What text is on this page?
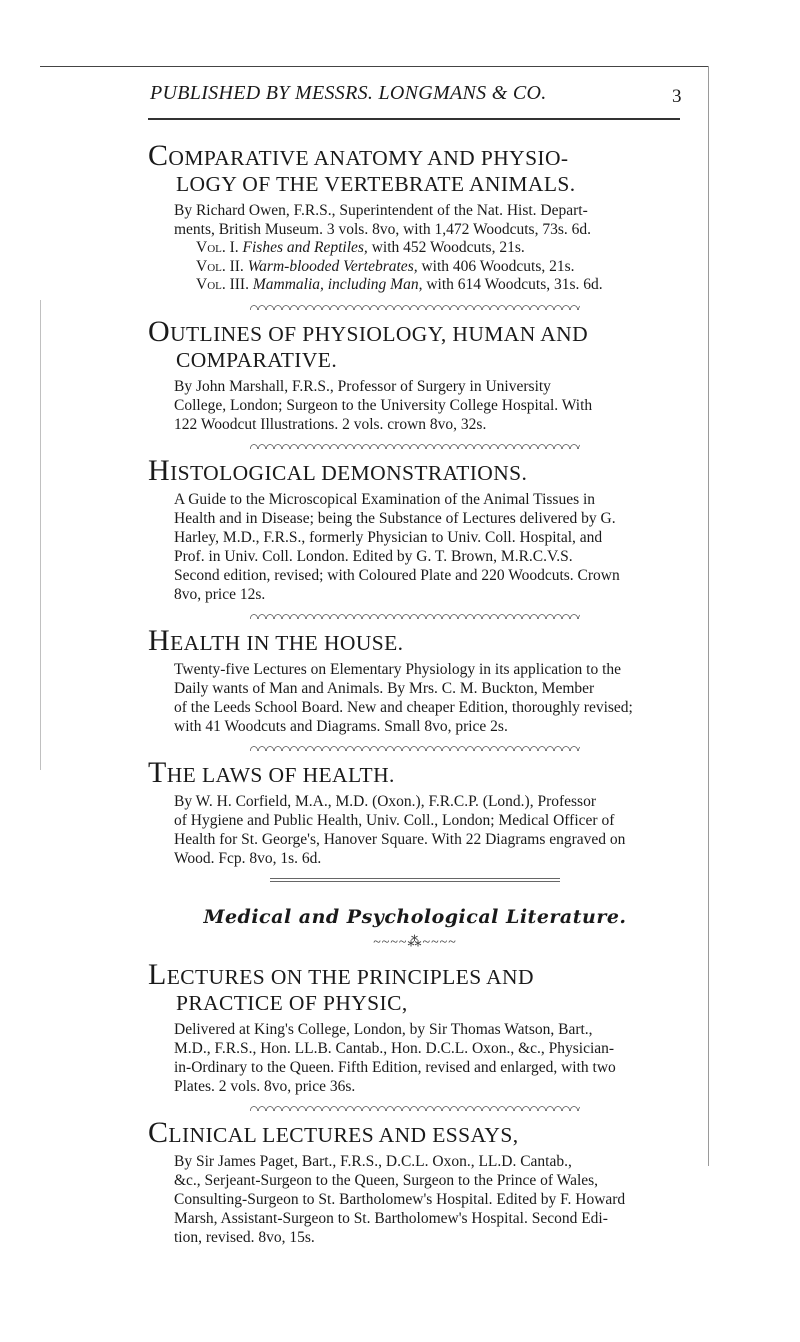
PUBLISHED BY MESSRS. LONGMANS & CO.	3

COMPARATIVE ANATOMY AND PHYSIO-
LOGY OF THE VERTEBRATE ANIMALS.

By Richard Owen, F.R.S., Superintendent of the Nat. Hist. Depart-
ments, British Museum. 3 vols. 8vo, with 1,472 Woodcuts, 73s. 6d.

Vol. I. Fishes and Reptiles, with 452 Woodcuts, 21s.
Vol. II. Warm-blooded Vertebrates, with 406 Woodcuts, 21s.
Vol. III. Mammalia, including Man, with 614 Woodcuts, 31s. 6d.

OUTLINES OF PHYSIOLOGY, HUMAN AND
COMPARATIVE.

By John Marshall, F.R.S., Professor of Surgery in University
College, London; Surgeon to the University College Hospital. With
122 Woodcut Illustrations. 2 vols. crown 8vo, 32s.

HISTOLOGICAL DEMONSTRATIONS.

A Guide to the Microscopical Examination of the Animal Tissues in
Health and in Disease; being the Substance of Lectures delivered by G.
Harley, M.D., F.R.S., formerly Physician to Univ. Coll. Hospital, and
Prof. in Univ. Coll. London. Edited by G. T. Brown, M.R.C.V.S.
Second edition, revised; with Coloured Plate and 220 Woodcuts. Crown
8vo, price 12s.

HEALTH IN THE HOUSE.

Twenty-five Lectures on Elementary Physiology in its application to the
Daily wants of Man and Animals. By Mrs. C. M. Buckton, Member
of the Leeds School Board. New and cheaper Edition, thoroughly revised;
with 41 Woodcuts and Diagrams. Small 8vo, price 2s.

THE LAWS OF HEALTH.

By W. H. Corfield, M.A., M.D. (Oxon.), F.R.C.P. (Lond.), Professor
of Hygiene and Public Health, Univ. Coll., London; Medical Officer of
Health for St. George's, Hanover Square. With 22 Diagrams engraved on
Wood. Fcp. 8vo, 1s. 6d.

Medical and Psychological Literature.
~~~~⁂~~~~

LECTURES ON THE PRINCIPLES AND
PRACTICE OF PHYSIC,

Delivered at King's College, London, by Sir Thomas Watson, Bart.,
M.D., F.R.S., Hon. LL.B. Cantab., Hon. D.C.L. Oxon., &c., Physician-
in-Ordinary to the Queen. Fifth Edition, revised and enlarged, with two
Plates. 2 vols. 8vo, price 36s.

CLINICAL LECTURES AND ESSAYS,

By Sir James Paget, Bart., F.R.S., D.C.L. Oxon., LL.D. Cantab.,
&c., Serjeant-Surgeon to the Queen, Surgeon to the Prince of Wales,
Consulting-Surgeon to St. Bartholomew's Hospital. Edited by F. Howard
Marsh, Assistant-Surgeon to St. Bartholomew's Hospital. Second Edi-
tion, revised. 8vo, 15s.
